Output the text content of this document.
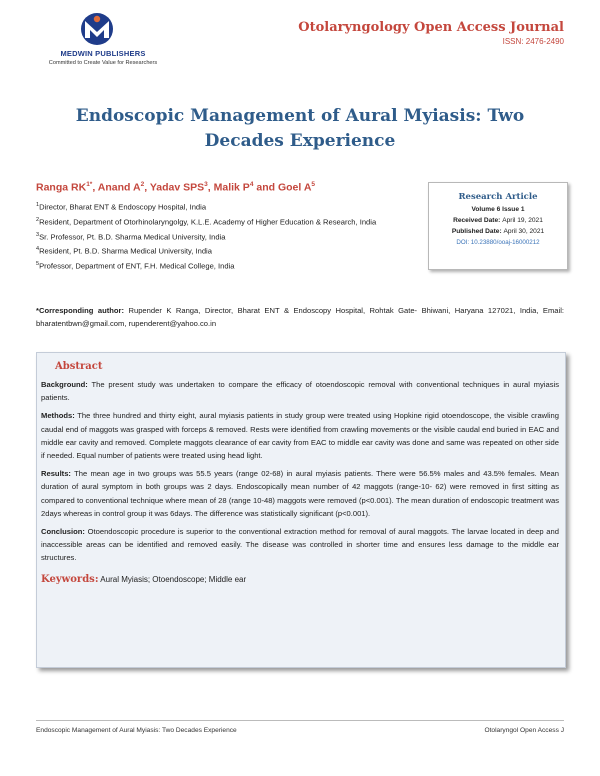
MEDWIN PUBLISHERS
Committed to Create Value for Researchers
Otolaryngology Open Access Journal
ISSN: 2476-2490
Endoscopic Management of Aural Myiasis: Two Decades Experience
Ranga $RK^{1*}$, Anand $A^2$, Yadav SPS$^3$, Malik $P^4$ and Goel $A^5$
$^1$Director, Bharat ENT & Endoscopy Hospital, India
$^2$Resident, Department of Otorhinolaryngolgy, K.L.E. Academy of Higher Education & Research, India
$^3$Sr. Professor, Pt. B.D. Sharma Medical University, India
$^4$Resident, Pt. B.D. Sharma Medical University, India
$^5$Professor, Department of ENT, F.H. Medical College, India
Research Article
Volume 6 Issue 1
Received Date: April 19, 2021
Published Date: April 30, 2021
DOI: 10.23880/ooaj-16000212
*Corresponding author: Rupender K Ranga, Director, Bharat ENT & Endoscopy Hospital, Rohtak Gate- Bhiwani, Haryana 127021, India, Email: bharatentbwn@gmail.com, rupenderent@yahoo.co.in
Abstract

Background: The present study was undertaken to compare the efficacy of otoendoscopic removal with conventional techniques in aural myiasis patients.

Methods: The three hundred and thirty eight, aural myiasis patients in study group were treated using Hopkine rigid otoendoscope, the visible crawling caudal end of maggots was grasped with forceps & removed. Rests were identified from crawling movements or the visible caudal end buried in EAC and middle ear cavity and removed. Complete maggots clearance of ear cavity from EAC to middle ear cavity was done and same was repeated on other side if needed. Equal number of patients were treated using head light.

Results: The mean age in two groups was 55.5 years (range 02-68) in aural myiasis patients. There were 56.5% males and 43.5% females. Mean duration of aural symptom in both groups was 2 days. Endoscopically mean number of 42 maggots (range-10- 62) were removed in first sitting as compared to conventional technique where mean of 28 (range 10-48) maggots were removed (p<0.001). The mean duration of endoscopic treatment was 2days whereas in control group it was 6days. The difference was statistically significant (p<0.001).

Conclusion: Otoendoscopic procedure is superior to the conventional extraction method for removal of aural maggots. The larvae located in deep and inaccessible areas can be identified and removed easily. The disease was controlled in shorter time and ensures less damage to the middle ear structures.

Keywords: Aural Myiasis; Otoendoscope; Middle ear
Endoscopic Management of Aural Myiasis: Two Decades Experience	Otolaryngol Open Access J
